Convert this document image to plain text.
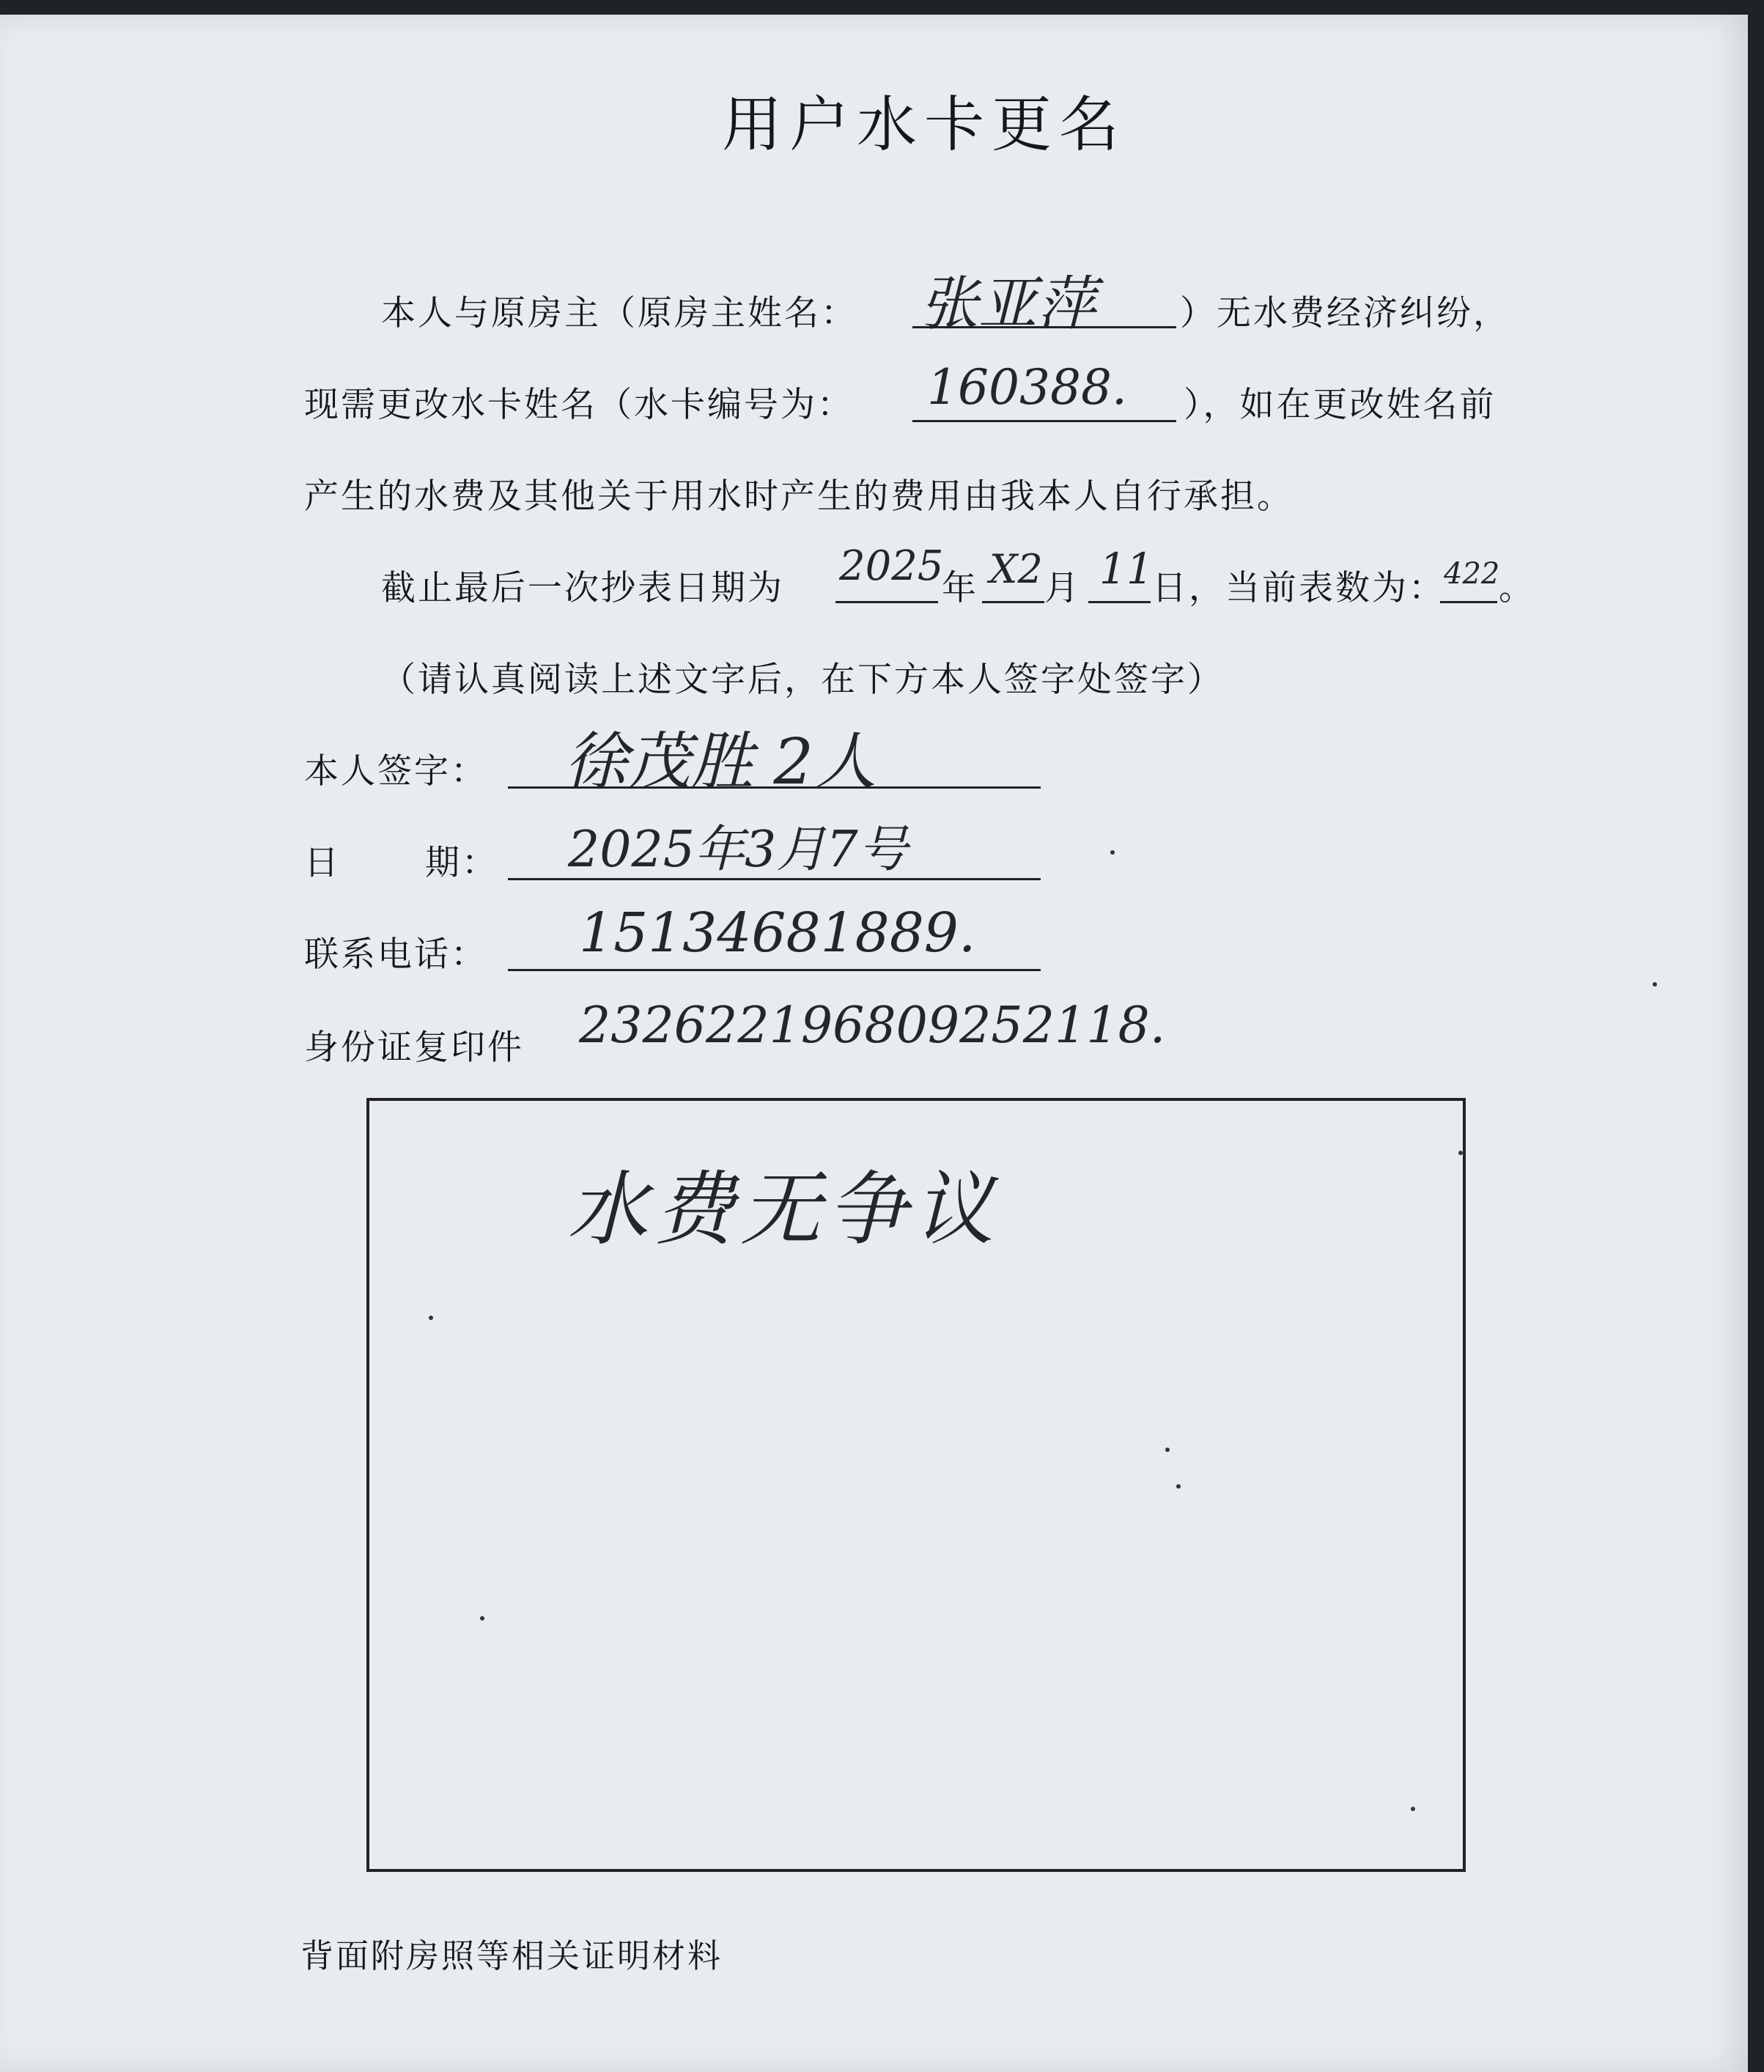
用户水卡更名
本人与原房主（原房主姓名： 张亚萍 ）无水费经济纠纷，
现需更改水卡姓名（水卡编号为： 160388. ），如在更改姓名前
产生的水费及其他关于用水时产生的费用由我本人自行承担。
截止最后一次抄表日期为 2025
年 X2 月 11
日，当前表数为：
422
。
（请认真阅读上述文字后，在下方本人签字处签字）
本人签字： 徐茂胜 2人
日 期： 2025年3月7号
联系电话： 15134681889.
身份证复印件 232622196809252118.
水费无争议
背面附房照等相关证明材料
